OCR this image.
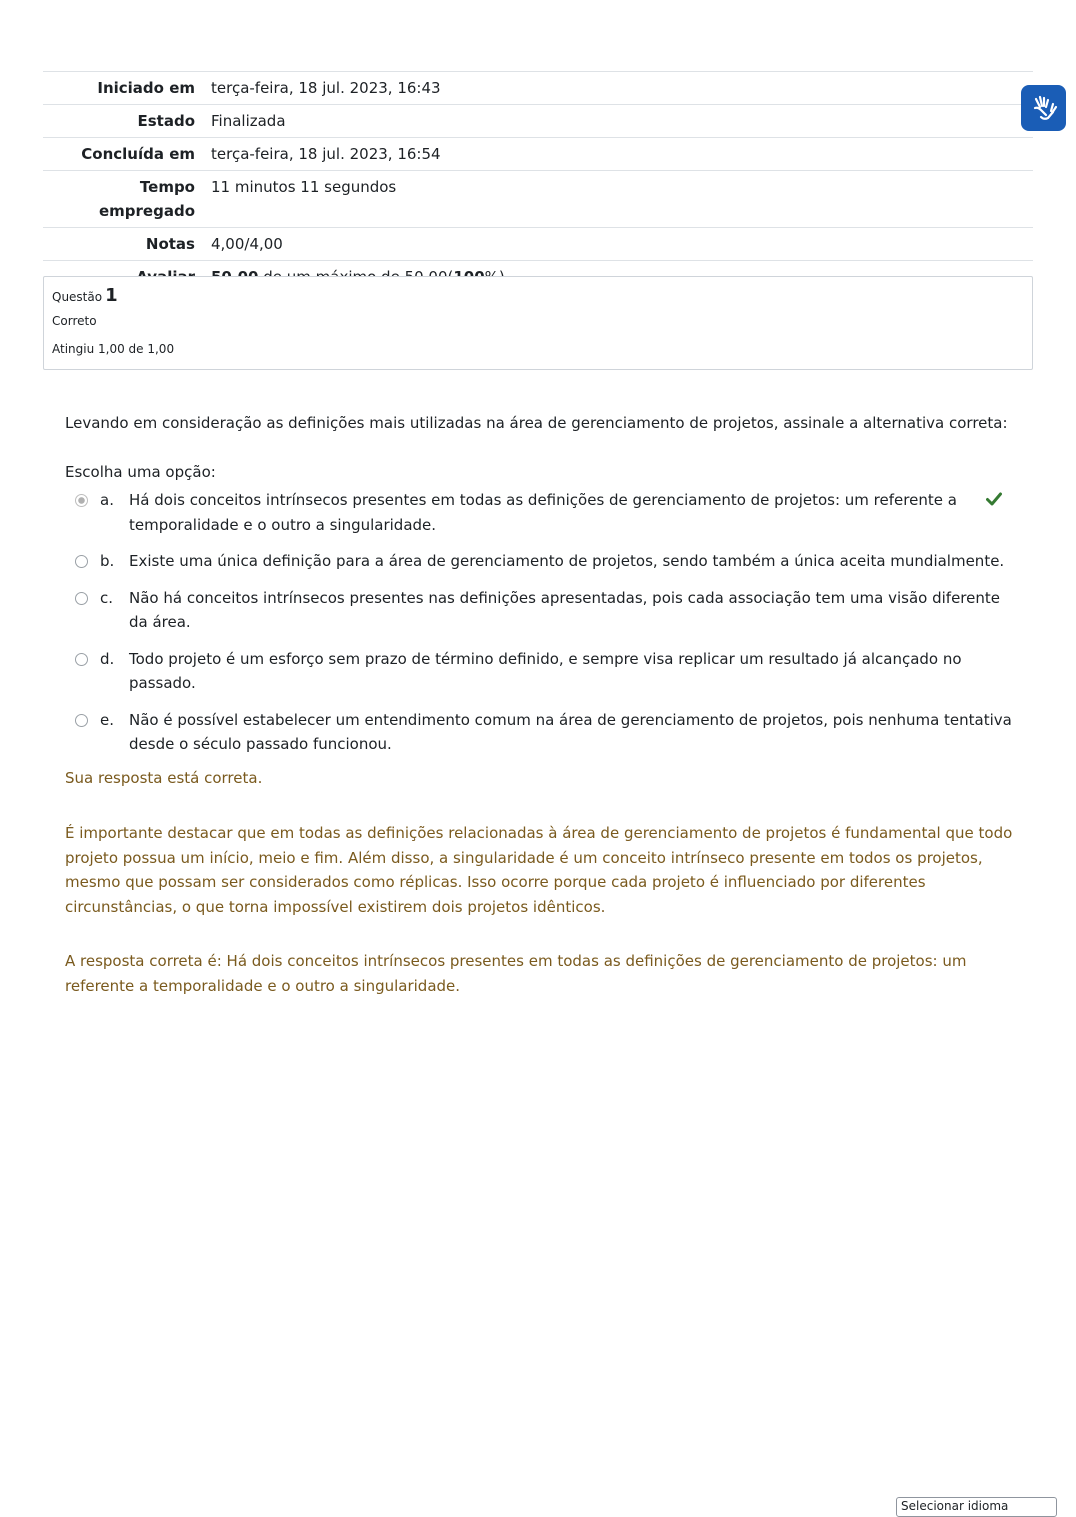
Iniciado em	terça-feira, 18 jul. 2023, 16:43
Estado	Finalizada
Concluída em	terça-feira, 18 jul. 2023, 16:54
Tempo empregado	11 minutos 11 segundos
Notas	4,00/4,00

Questão 1
Correto
Atingiu 1,00 de 1,00
Levando em consideração as definições mais utilizadas na área de gerenciamento de projetos, assinale a alternativa correta:
Escolha uma opção:
a.	Há dois conceitos intrínsecos presentes em todas as definições de gerenciamento de projetos: um referente a temporalidade e o outro a singularidade.
b. Existe uma única definição para a área de gerenciamento de projetos, sendo também a única aceita mundialmente.
c.	Não há conceitos intrínsecos presentes nas definições apresentadas, pois cada associação tem uma visão diferente da área.
d. Todo projeto é um esforço sem prazo de término definido, e sempre visa replicar um resultado já alcançado no passado.
e.	Não é possível estabelecer um entendimento comum na área de gerenciamento de projetos, pois nenhuma tentativa desde o século passado funcionou.
Sua resposta está correta.
É importante destacar que em todas as definições relacionadas à área de gerenciamento de projetos é fundamental que todo projeto possua um início, meio e fim. Além disso, a singularidade é um conceito intrínseco presente em todos os projetos, mesmo que possam ser considerados como réplicas. Isso ocorre porque cada projeto é influenciado por diferentes circunstâncias, o que torna impossível existirem dois projetos idênticos.
A resposta correta é: Há dois conceitos intrínsecos presentes em todas as definições de gerenciamento de projetos: um referente a temporalidade e o outro a singularidade.
Selecionar idioma
